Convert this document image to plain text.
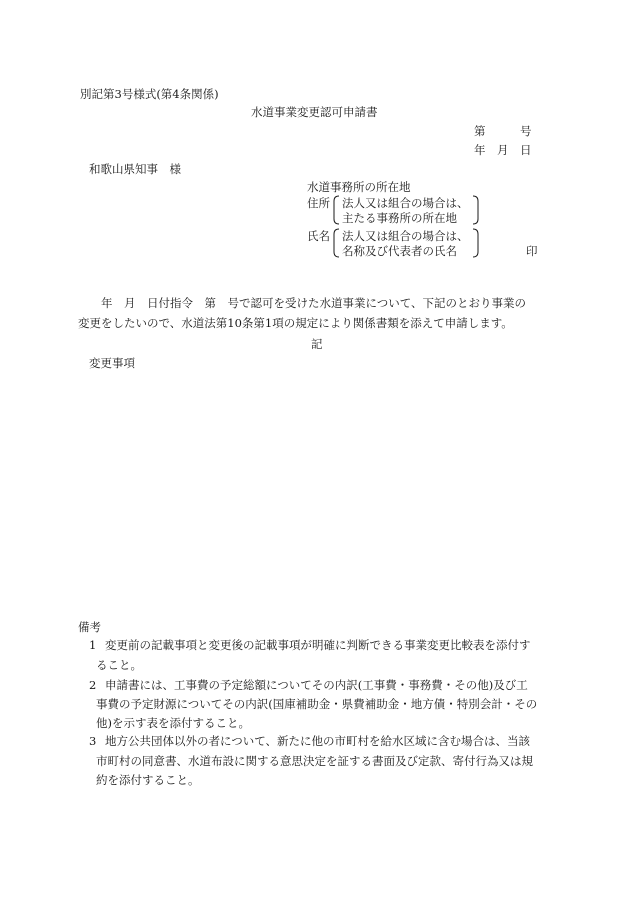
別記第3号様式(第4条関係)
水道事業変更認可申請書
第　　　号
年　月　日
和歌山県知事　様
水道事務所の所在地
住所 法人又は組合の場合は、
主たる事務所の所在地
氏名 法人又は組合の場合は、
名称及び代表者の氏名	印
　　年　月　日付指令　第　号で認可を受けた水道事業について、下記のとおり事業の
変更をしたいので、水道法第10条第1項の規定により関係書類を添えて申請します。
記
変更事項
備考
1 変更前の記載事項と変更後の記載事項が明確に判断できる事業変更比較表を添付す
ること。
2 申請書には、工事費の予定総額についてその内訳(工事費・事務費・その他)及び工
事費の予定財源についてその内訳(国庫補助金・県費補助金・地方債・特別会計・その
他)を示す表を添付すること。
3 地方公共団体以外の者について、新たに他の市町村を給水区域に含む場合は、当該
市町村の同意書、水道布設に関する意思決定を証する書面及び定款、寄付行為又は規
約を添付すること。
